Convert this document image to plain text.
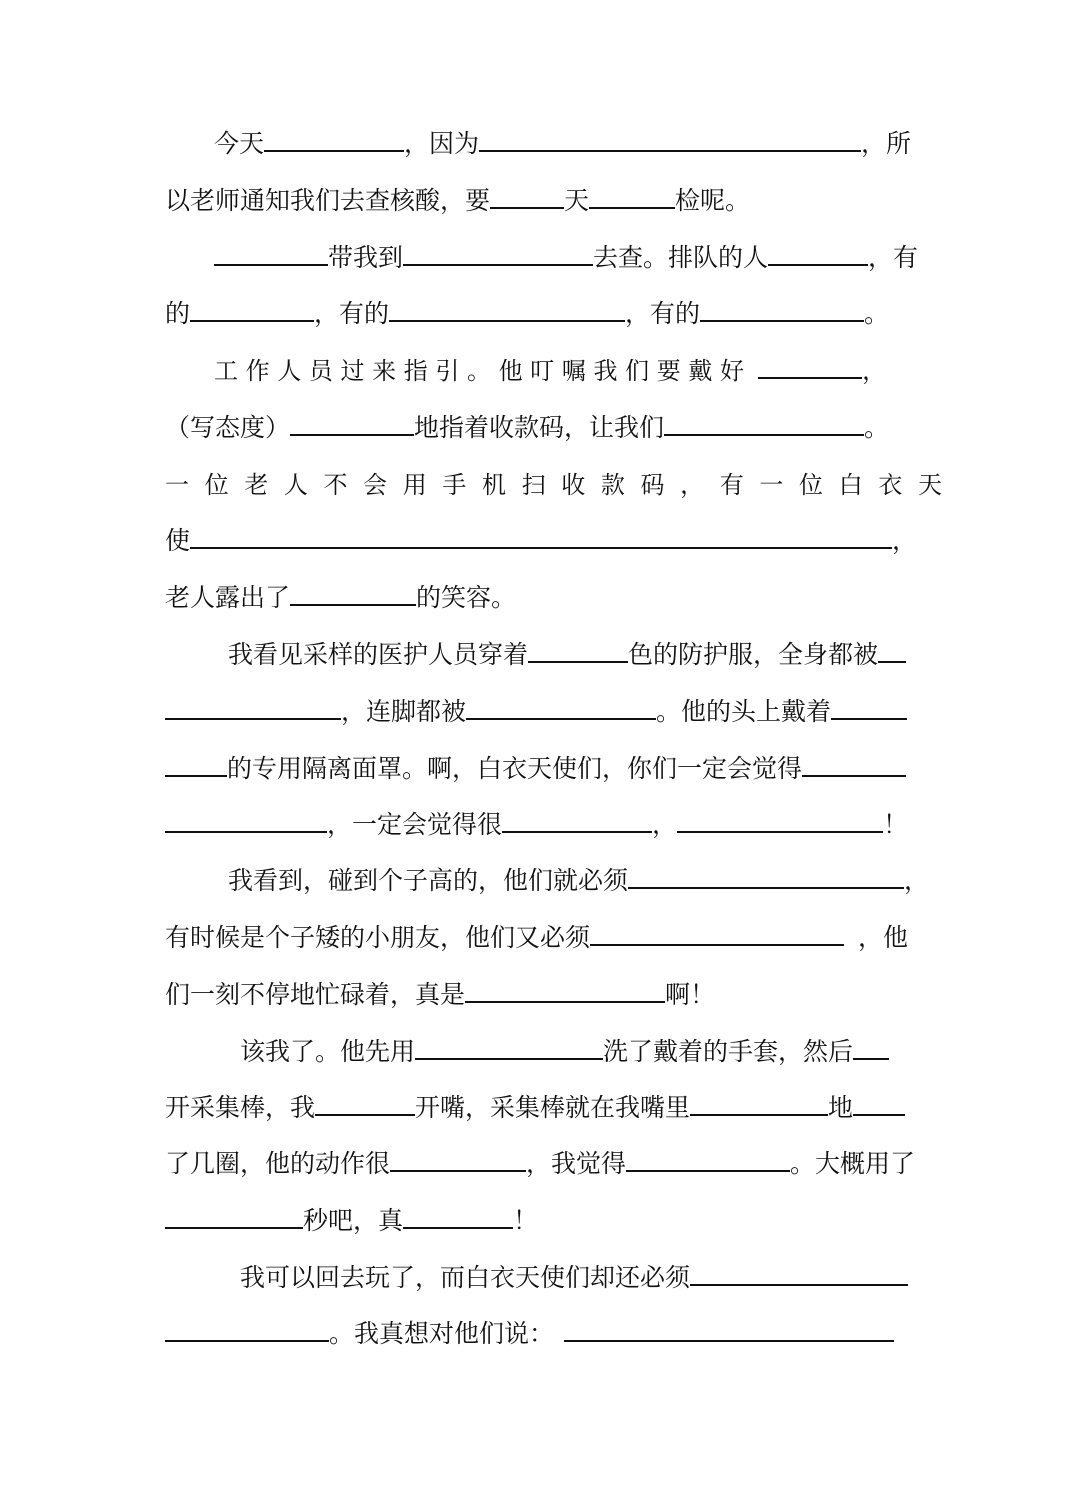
今天	，因为	，所
以老师通知我们去查核酸，要	天	检呢。
带我到	去查。排队的人	，有
的	，有的	，有的	。
工 作 人 员 过 来 指 引 。 他 叮 嘱 我 们 要 戴 好	，
（写态度）	地指着收款码，让我们	。
一 位 老 人 不 会 用 手 机 扫 收 款 码 ， 有 一 位 白 衣 天
使	，
老人露出了	的笑容。
我看见采样的医护人员穿着	色的防护服，全身都被
，连脚都被	。他的头上戴着
的专用隔离面罩。啊，白衣天使们，你们一定会觉得
，一定会觉得很	，	！
我看到，碰到个子高的，他们就必须	，
有时候是个子矮的小朋友，他们又必须	，他
们一刻不停地忙碌着，真是	啊！
该我了。他先用	洗了戴着的手套，然后
开采集棒，我	开嘴，采集棒就在我嘴里	地
了几圈，他的动作很	，我觉得	。大概用了
秒吧，真	！
我可以回去玩了，而白衣天使们却还必须
。我真想对他们说：
